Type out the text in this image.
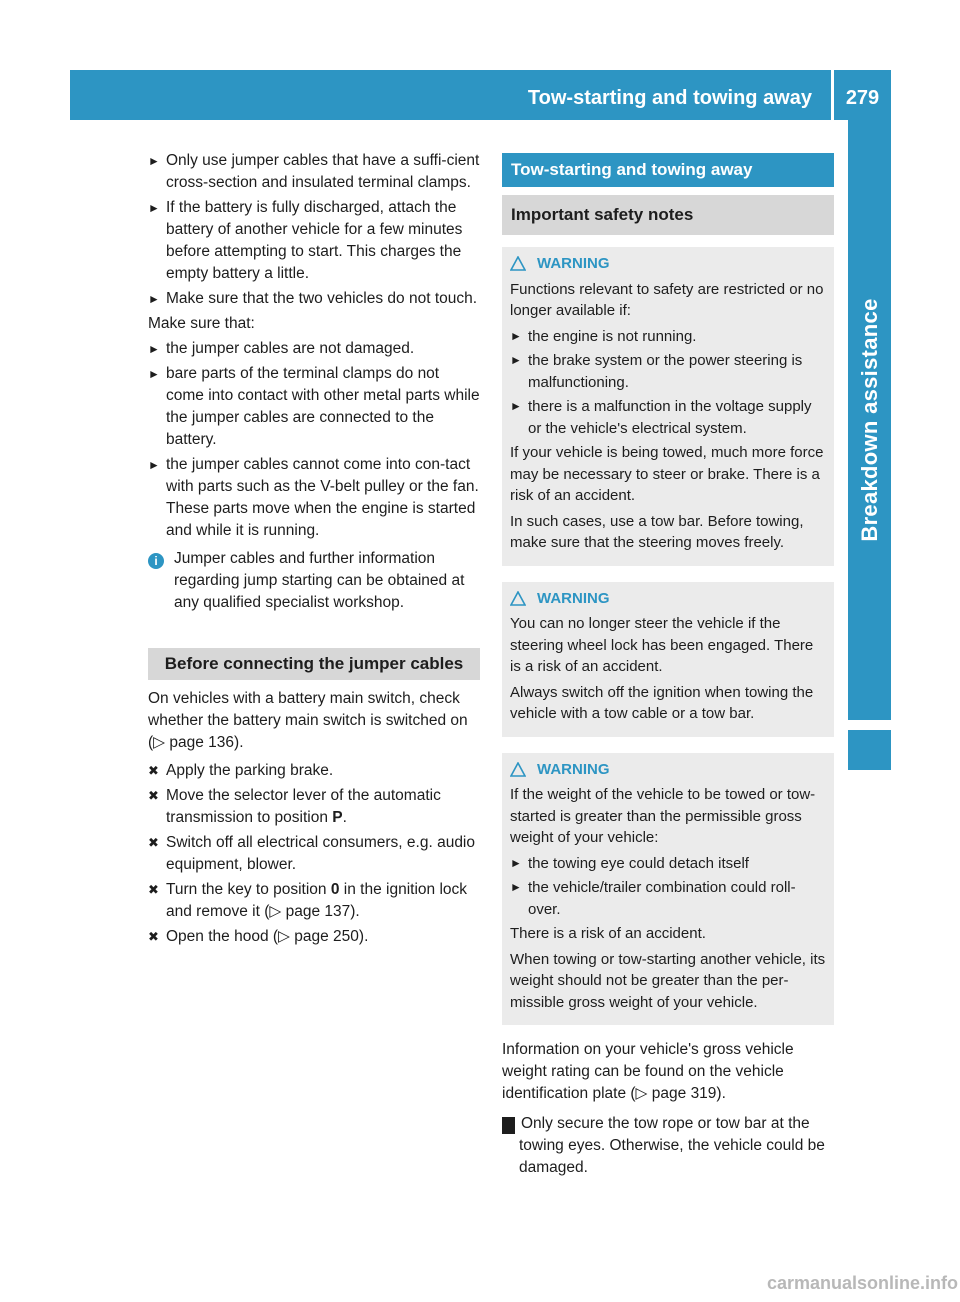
Tow-starting and towing away	279
Breakdown assistance
► Only use jumper cables that have a suffi-cient cross-section and insulated terminal clamps.
► If the battery is fully discharged, attach the battery of another vehicle for a few minutes before attempting to start. This charges the empty battery a little.
► Make sure that the two vehicles do not touch.

Make sure that:

► the jumper cables are not damaged.
► bare parts of the terminal clamps do not come into contact with other metal parts while the jumper cables are connected to the battery.
► the jumper cables cannot come into con-tact with parts such as the V-belt pulley or the fan. These parts move when the engine is started and while it is running.
i	Jumper cables and further information regarding jump starting can be obtained at any qualified specialist workshop.
Before connecting the jumper cables

On vehicles with a battery main switch, check whether the battery main switch is switched on (▷ page 136).

✖ Apply the parking brake.
✖ Move the selector lever of the automatic transmission to position P.
✖ Switch off all electrical consumers, e.g. audio equipment, blower.
✖ Turn the key to position 0 in the ignition lock and remove it (▷ page 137).
✖ Open the hood (▷ page 250).
Tow-starting and towing away
Important safety notes
WARNING

Functions relevant to safety are restricted or no longer available if:

► the engine is not running.
► the brake system or the power steering is malfunctioning.
► there is a malfunction in the voltage supply or the vehicle's electrical system.

If your vehicle is being towed, much more force may be necessary to steer or brake. There is a risk of an accident.

In such cases, use a tow bar. Before towing, make sure that the steering moves freely.

WARNING

You can no longer steer the vehicle if the steering wheel lock has been engaged. There is a risk of an accident.

Always switch off the ignition when towing the vehicle with a tow cable or a tow bar.

WARNING

If the weight of the vehicle to be towed or tow-started is greater than the permissible gross weight of your vehicle:

► the towing eye could detach itself
► the vehicle/trailer combination could roll-over.

There is a risk of an accident.

When towing or tow-starting another vehicle, its weight should not be greater than the per-missible gross weight of your vehicle.

Information on your vehicle's gross vehicle weight rating can be found on the vehicle identification plate (▷ page 319).

! Only secure the tow rope or tow bar at the towing eyes. Otherwise, the vehicle could be damaged.

carmanualsonline.info
